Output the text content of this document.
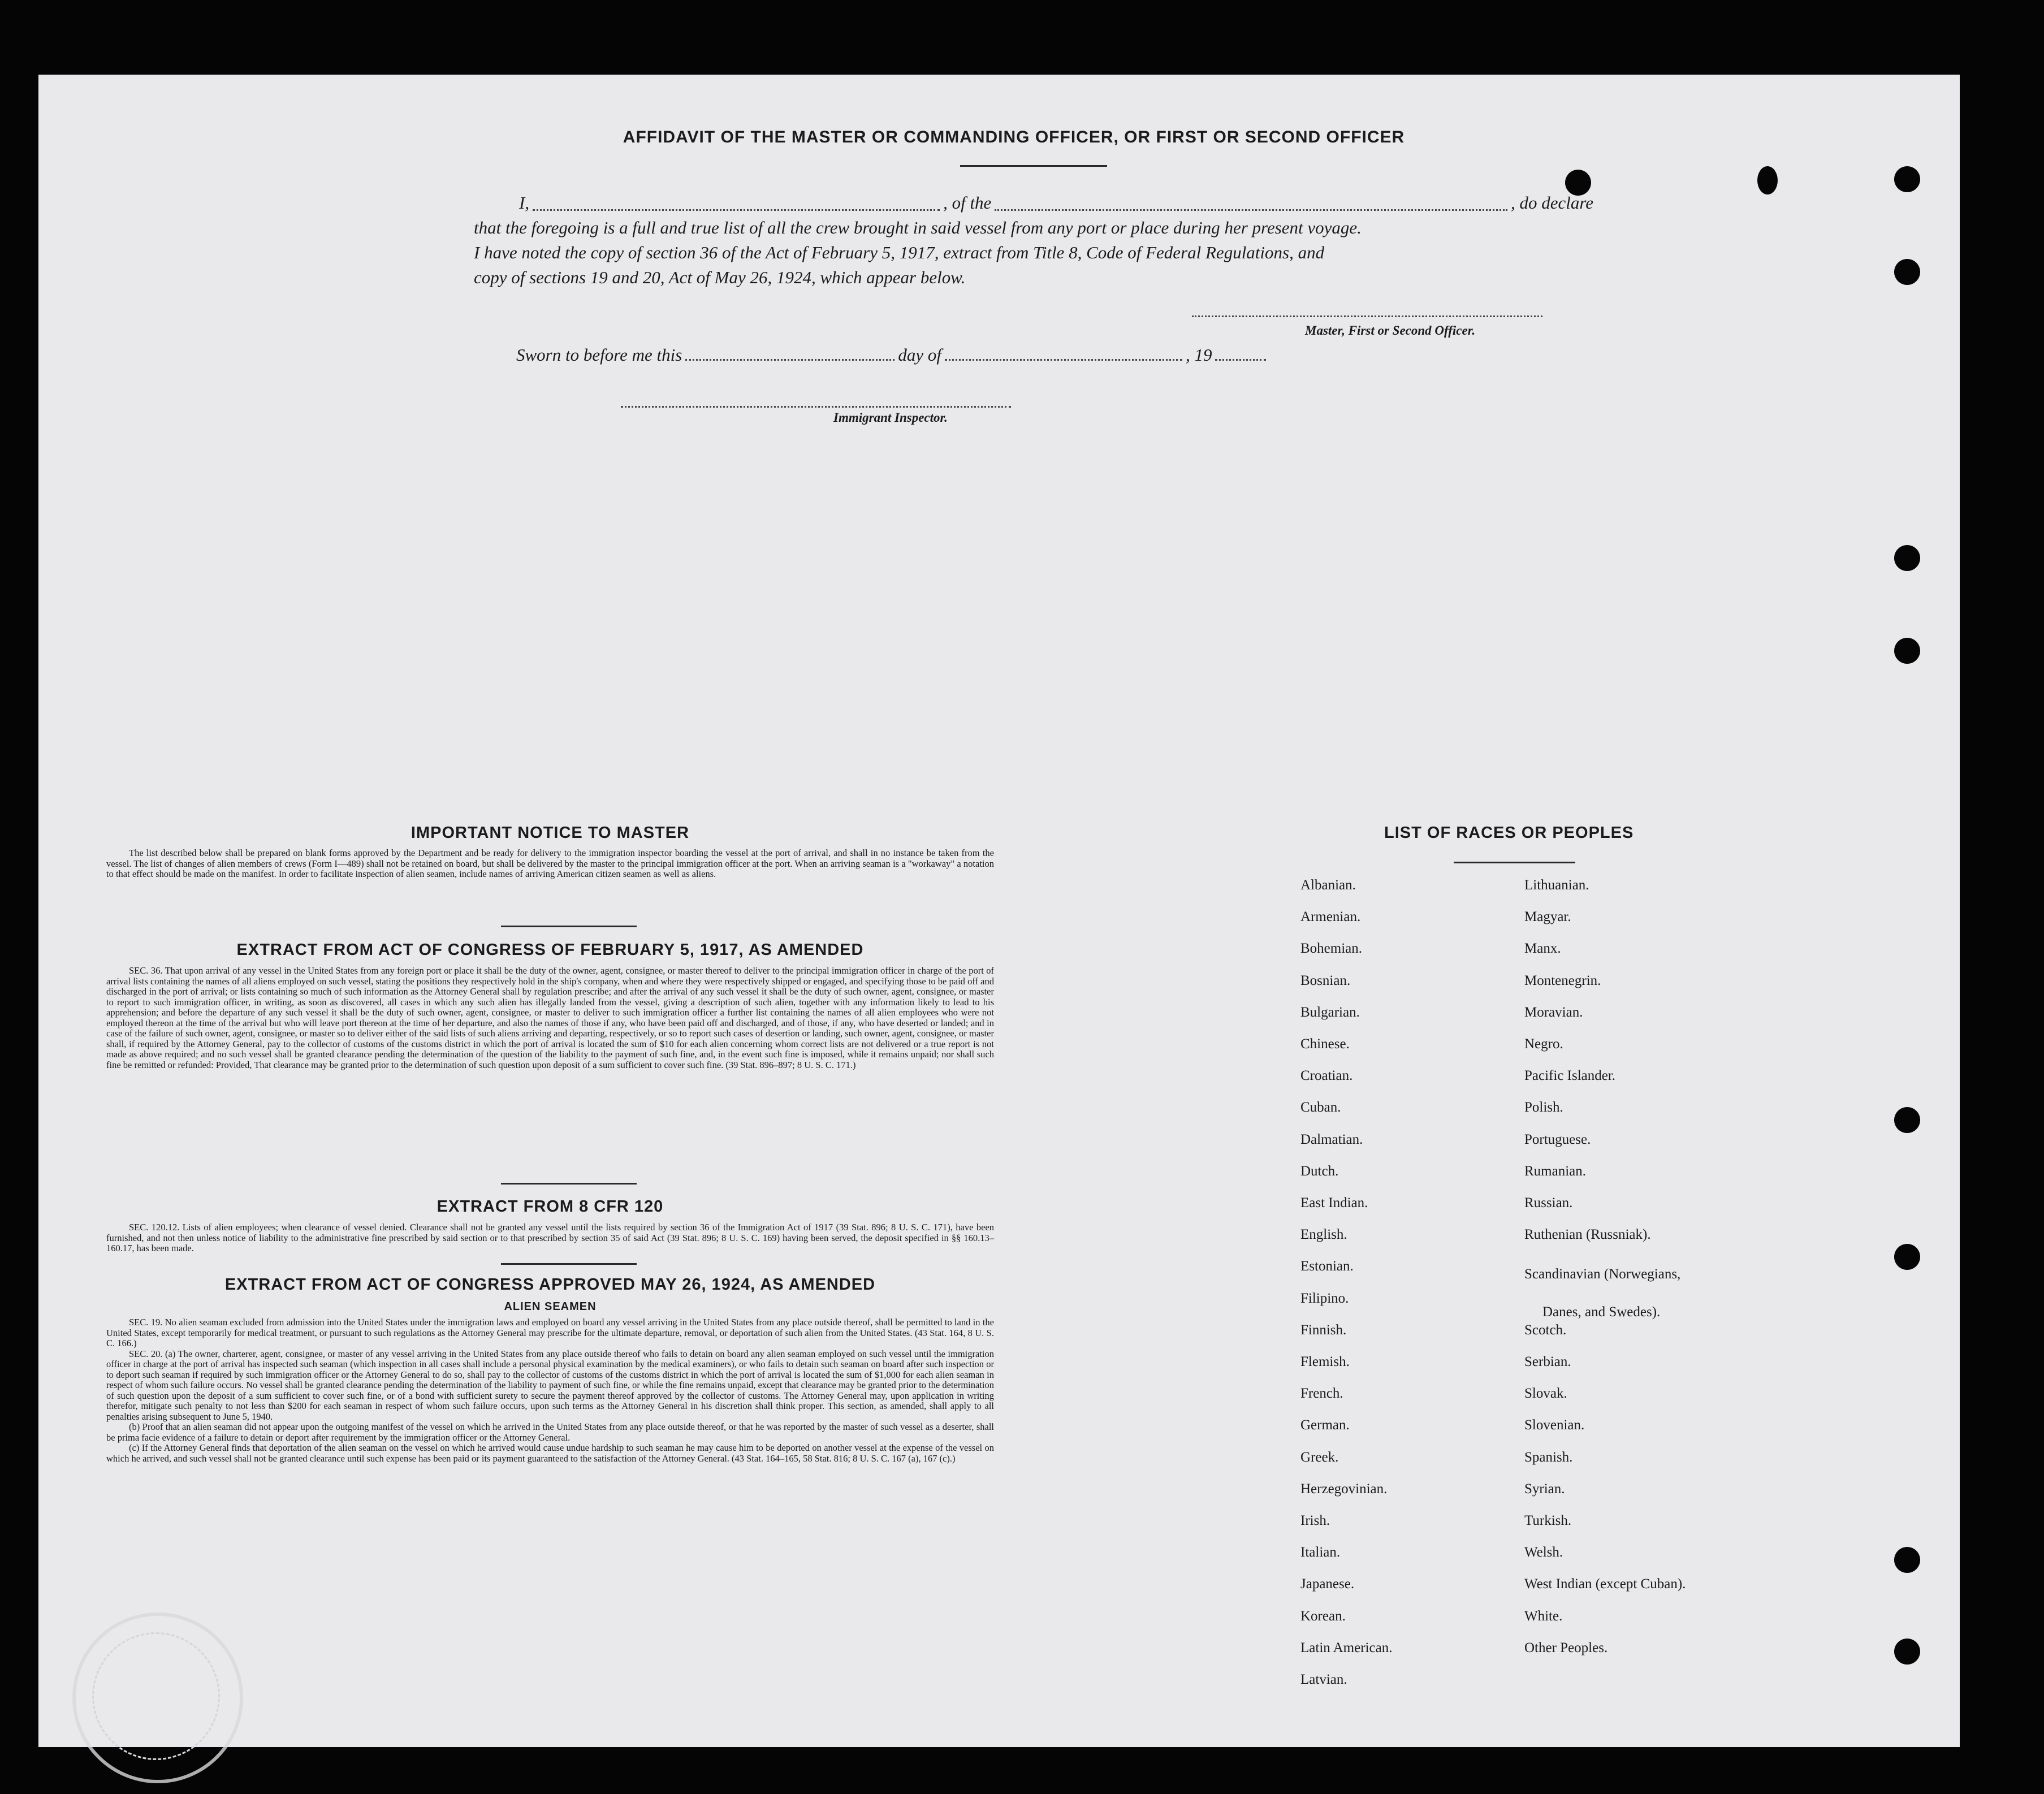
AFFIDAVIT OF THE MASTER OR COMMANDING OFFICER, OR FIRST OR SECOND OFFICER
I,	, of the	, do declare
that the foregoing is a full and true list of all the crew brought in said vessel from any port or place during her present voyage.
I have noted the copy of section 36 of the Act of February 5, 1917, extract from Title 8, Code of Federal Regulations, and
copy of sections 19 and 20, Act of May 26, 1924, which appear below.
Master, First or Second Officer.
Sworn to before me this	day of	, 19
Immigrant Inspector.
IMPORTANT NOTICE TO MASTER
The list described below shall be prepared on blank forms approved by the Department and be ready for delivery to the immigration inspector boarding the vessel at the port of arrival, and shall in no instance be taken from the vessel. The list of changes of alien members of crews (Form I—489) shall not be retained on board, but shall be delivered by the master to the principal immigration officer at the port. When an arriving seaman is a "workaway" a notation to that effect should be made on the manifest. In order to facilitate inspection of alien seamen, include names of arriving American citizen seamen as well as aliens.
EXTRACT FROM ACT OF CONGRESS OF FEBRUARY 5, 1917, AS AMENDED
SEC. 36. That upon arrival of any vessel in the United States from any foreign port or place it shall be the duty of the owner, agent, consignee, or master thereof to deliver to the principal immigration officer in charge of the port of arrival lists containing the names of all aliens employed on such vessel, stating the positions they respectively hold in the ship's company, when and where they were respectively shipped or engaged, and specifying those to be paid off and discharged in the port of arrival; or lists containing so much of such information as the Attorney General shall by regulation prescribe; and after the arrival of any such vessel it shall be the duty of such owner, agent, consignee, or master to report to such immigration officer, in writing, as soon as discovered, all cases in which any such alien has illegally landed from the vessel, giving a description of such alien, together with any information likely to lead to his apprehension; and before the departure of any such vessel it shall be the duty of such owner, agent, consignee, or master to deliver to such immigration officer a further list containing the names of all alien employees who were not employed thereon at the time of the arrival but who will leave port thereon at the time of her departure, and also the names of those if any, who have been paid off and discharged, and of those, if any, who have deserted or landed; and in case of the failure of such owner, agent, consignee, or master so to deliver either of the said lists of such aliens arriving and departing, respectively, or so to report such cases of desertion or landing, such owner, agent, consignee, or master shall, if required by the Attorney General, pay to the collector of customs of the customs district in which the port of arrival is located the sum of $10 for each alien concerning whom correct lists are not delivered or a true report is not made as above required; and no such vessel shall be granted clearance pending the determination of the question of the liability to the payment of such fine, and, in the event such fine is imposed, while it remains unpaid; nor shall such fine be remitted or refunded: Provided, That clearance may be granted prior to the determination of such question upon deposit of a sum sufficient to cover such fine. (39 Stat. 896–897; 8 U. S. C. 171.)
EXTRACT FROM 8 CFR 120
SEC. 120.12. Lists of alien employees; when clearance of vessel denied. Clearance shall not be granted any vessel until the lists required by section 36 of the Immigration Act of 1917 (39 Stat. 896; 8 U. S. C. 171), have been furnished, and not then unless notice of liability to the administrative fine prescribed by said section or to that prescribed by section 35 of said Act (39 Stat. 896; 8 U. S. C. 169) having been served, the deposit specified in §§ 160.13–160.17, has been made.
EXTRACT FROM ACT OF CONGRESS APPROVED MAY 26, 1924, AS AMENDED
ALIEN SEAMEN

SEC. 19. No alien seaman excluded from admission into the United States under the immigration laws and employed on board any vessel arriving in the United States from any place outside thereof, shall be permitted to land in the United States, except temporarily for medical treatment, or pursuant to such regulations as the Attorney General may prescribe for the ultimate departure, removal, or deportation of such alien from the United States. (43 Stat. 164, 8 U. S. C. 166.)

SEC. 20. (a) The owner, charterer, agent, consignee, or master of any vessel arriving in the United States from any place outside thereof who fails to detain on board any alien seaman employed on such vessel until the immigration officer in charge at the port of arrival has inspected such seaman (which inspection in all cases shall include a personal physical examination by the medical examiners), or who fails to detain such seaman on board after such inspection or to deport such seaman if required by such immigration officer or the Attorney General to do so, shall pay to the collector of customs of the customs district in which the port of arrival is located the sum of $1,000 for each alien seaman in respect of whom such failure occurs. No vessel shall be granted clearance pending the determination of the liability to payment of such fine, or while the fine remains unpaid, except that clearance may be granted prior to the determination of such question upon the deposit of a sum sufficient to cover such fine, or of a bond with sufficient surety to secure the payment thereof approved by the collector of customs. The Attorney General may, upon application in writing therefor, mitigate such penalty to not less than $200 for each seaman in respect of whom such failure occurs, upon such terms as the Attorney General in his discretion shall think proper. This section, as amended, shall apply to all penalties arising subsequent to June 5, 1940.

(b) Proof that an alien seaman did not appear upon the outgoing manifest of the vessel on which he arrived in the United States from any place outside thereof, or that he was reported by the master of such vessel as a deserter, shall be prima facie evidence of a failure to detain or deport after requirement by the immigration officer or the Attorney General.

(c) If the Attorney General finds that deportation of the alien seaman on the vessel on which he arrived would cause undue hardship to such seaman he may cause him to be deported on another vessel at the expense of the vessel on which he arrived, and such vessel shall not be granted clearance until such expense has been paid or its payment guaranteed to the satisfaction of the Attorney General. (43 Stat. 164–165, 58 Stat. 816; 8 U. S. C. 167 (a), 167 (c).)

LIST OF RACES OR PEOPLES
Albanian.
Armenian.
Bohemian.
Bosnian.
Bulgarian.
Chinese.
Croatian.
Cuban.
Dalmatian.
Dutch.
East Indian.
English.
Estonian.
Filipino.
Finnish.
Flemish.
French.
German.
Greek.
Herzegovinian.
Irish.
Italian.
Japanese.
Korean.
Latin American.
Latvian.
Lithuanian.
Magyar.
Manx.
Montenegrin.
Moravian.
Negro.
Pacific Islander.
Polish.
Portuguese.
Rumanian.
Russian.
Ruthenian (Russniak).
Scandinavian (Norwegians,
Danes, and Swedes).
Scotch.
Serbian.
Slovak.
Slovenian.
Spanish.
Syrian.
Turkish.
Welsh.
West Indian (except Cuban).
White.
Other Peoples.
